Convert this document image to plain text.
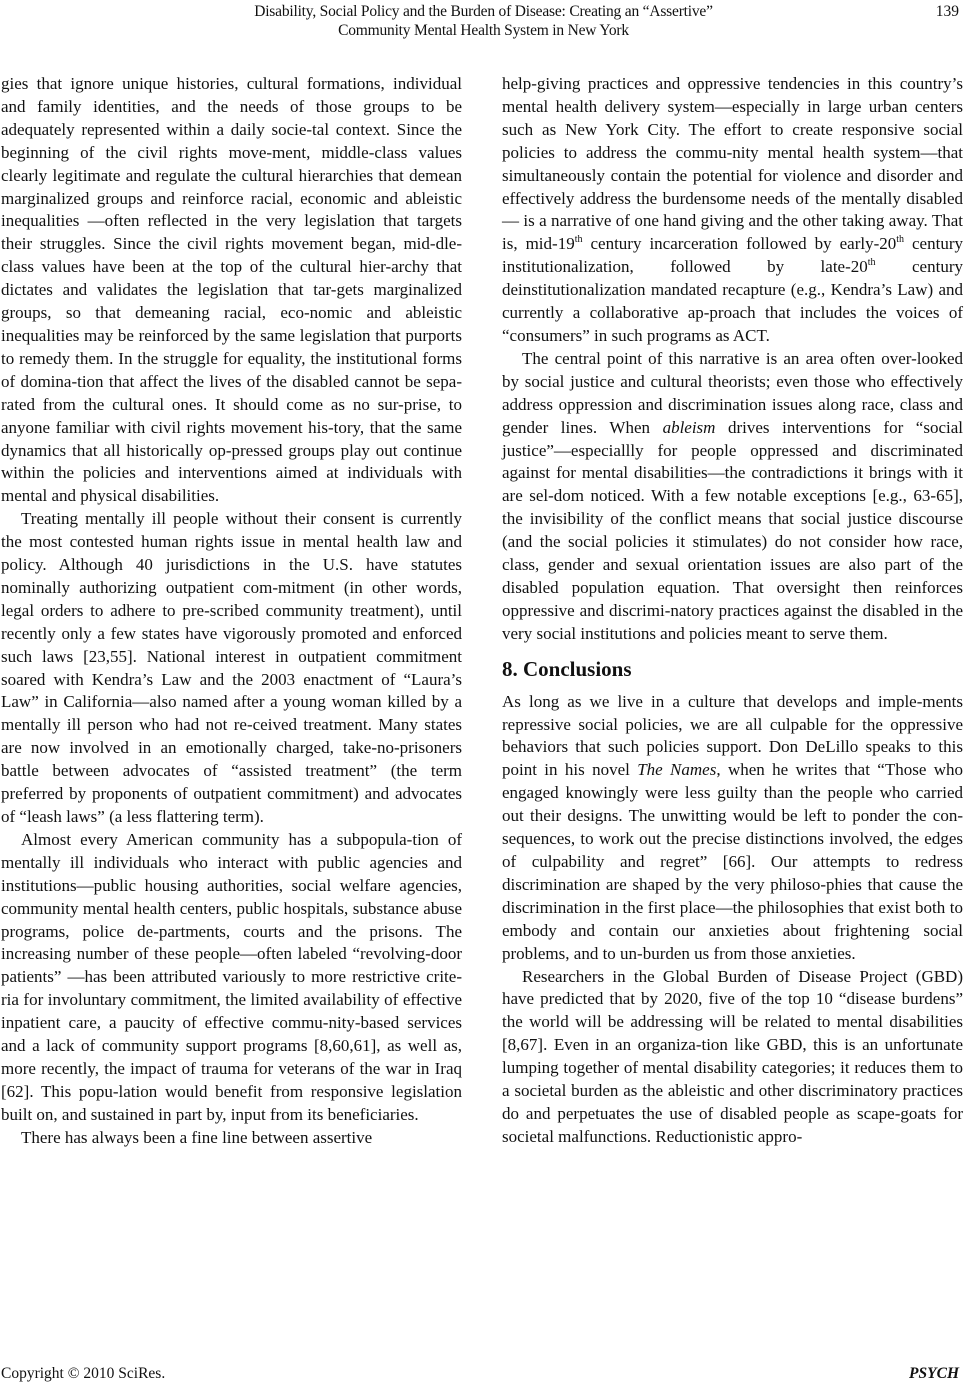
Disability, Social Policy and the Burden of Disease: Creating an “Assertive”
Community Mental Health System in New York
139

gies that ignore unique histories, cultural formations, individual and family identities, and the needs of those groups to be adequately represented within a daily socie-tal context. Since the beginning of the civil rights move-ment, middle-class values clearly legitimate and regulate the cultural hierarchies that demean marginalized groups and reinforce racial, economic and ableistic inequalities —often reflected in the very legislation that targets their struggles. Since the civil rights movement began, mid-dle-class values have been at the top of the cultural hier-archy that dictates and validates the legislation that tar-gets marginalized groups, so that demeaning racial, eco-nomic and ableistic inequalities may be reinforced by the same legislation that purports to remedy them. In the struggle for equality, the institutional forms of domina-tion that affect the lives of the disabled cannot be sepa-rated from the cultural ones. It should come as no sur-prise, to anyone familiar with civil rights movement his-tory, that the same dynamics that all historically op-pressed groups play out continue within the policies and interventions aimed at individuals with mental and physical disabilities.

Treating mentally ill people without their consent is currently the most contested human rights issue in mental health law and policy. Although 40 jurisdictions in the U.S. have statutes nominally authorizing outpatient com-mitment (in other words, legal orders to adhere to pre-scribed community treatment), until recently only a few states have vigorously promoted and enforced such laws [23,55]. National interest in outpatient commitment soared with Kendra’s Law and the 2003 enactment of “Laura’s Law” in California—also named after a young woman killed by a mentally ill person who had not re-ceived treatment. Many states are now involved in an emotionally charged, take-no-prisoners battle between advocates of “assisted treatment” (the term preferred by proponents of outpatient commitment) and advocates of “leash laws” (a less flattering term).

Almost every American community has a subpopula-tion of mentally ill individuals who interact with public agencies and institutions—public housing authorities, social welfare agencies, community mental health centers, public hospitals, substance abuse programs, police de-partments, courts and the prisons. The increasing number of these people—often labeled “revolving-door patients” —has been attributed variously to more restrictive crite-ria for involuntary commitment, the limited availability of effective inpatient care, a paucity of effective commu-nity-based services and a lack of community support programs [8,60,61], as well as, more recently, the impact of trauma for veterans of the war in Iraq [62]. This popu-lation would benefit from responsive legislation built on, and sustained in part by, input from its beneficiaries.

There has always been a fine line between assertive

help-giving practices and oppressive tendencies in this country’s mental health delivery system—especially in large urban centers such as New York City. The effort to create responsive social policies to address the commu-nity mental health system—that simultaneously contain the potential for violence and disorder and effectively address the burdensome needs of the mentally disabled— is a narrative of one hand giving and the other taking away. That is, mid-19th century incarceration followed by early-20th century institutionalization, followed by late-20th century deinstitutionalization mandated recapture (e.g., Kendra’s Law) and currently a collaborative ap-proach that includes the voices of “consumers” in such programs as ACT.

The central point of this narrative is an area often over-looked by social justice and cultural theorists; even those who effectively address oppression and discrimination issues along race, class and gender lines. When ableism drives interventions for “social justice”—especiallly for people oppressed and discriminated against for mental disabilities—the contradictions it brings with it are sel-dom noticed. With a few notable exceptions [e.g., 63-65], the invisibility of the conflict means that social justice discourse (and the social policies it stimulates) do not consider how race, class, gender and sexual orientation issues are also part of the disabled population equation. That oversight then reinforces oppressive and discrimi-natory practices against the disabled in the very social institutions and policies meant to serve them.

8. Conclusions

As long as we live in a culture that develops and imple-ments repressive social policies, we are all culpable for the oppressive behaviors that such policies support. Don DeLillo speaks to this point in his novel The Names, when he writes that “Those who engaged knowingly were less guilty than the people who carried out their designs. The unwitting would be left to ponder the con-sequences, to work out the precise distinctions involved, the edges of culpability and regret” [66]. Our attempts to redress discrimination are shaped by the very philoso-phies that cause the discrimination in the first place—the philosophies that exist both to embody and contain our anxieties about frightening social problems, and to un-burden us from those anxieties.

Researchers in the Global Burden of Disease Project (GBD) have predicted that by 2020, five of the top 10 “disease burdens” the world will be addressing will be related to mental disabilities [8,67]. Even in an organiza-tion like GBD, this is an unfortunate lumping together of mental disability categories; it reduces them to a societal burden as the ableistic and other discriminatory practices do and perpetuates the use of disabled people as scape-goats for societal malfunctions. Reductionistic appro-

Copyright © 2010 SciRes.	PSYCH
